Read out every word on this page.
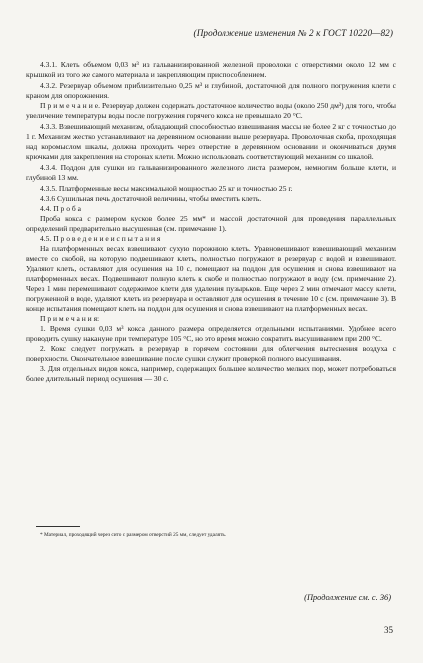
(Продолжение изменения № 2 к ГОСТ 10220—82)

4.3.1. Клеть объемом 0,03 м³ из гальванизированной железной проволоки с отверстиями около 12 мм с крышкой из того же самого материала и закрепляющим приспособлением.

4.3.2. Резервуар объемом приблизительно 0,25 м³ и глубиной, достаточной для полного погружения клети с краном для опорожнения.

П р и м е ч а н и е. Резервуар должен содержать достаточное количество воды (около 250 дм³) для того, чтобы увеличение температуры воды после погружения горячего кокса не превышало 20 °С.

4.3.3. Взвешивающий механизм, обладающий способностью взвешивания массы не более 2 кг с точностью до 1 г. Механизм жестко устанавливают на деревянном основании выше резервуара. Проволочная скоба, проходящая над коромыслом шкалы, должна проходить через отверстие в деревянном основании и окончиваться двумя крючками для закрепления на сторонах клети. Можно использовать соответствующий механизм со шкалой.

4.3.4. Поддон для сушки из гальванизированного железного листа размером, немногим больше клети, и глубиной 13 мм.

4.3.5. Платформенные весы максимальной мощностью 25 кг и точностью 25 г.

4.3.6 Сушильная печь достаточной величины, чтобы вместить клеть.

4.4. П р о б а

Проба кокса с размером кусков более 25 мм* и массой достаточной для проведения параллельных определений предварительно высушенная (см. примечание 1).

4.5. П р о в е д е н и е и с п ы т а н и я

На платформенных весах взвешивают сухую порожнюю клеть. Уравновешивают взвешивающий механизм вместе со скобой, на которую подвешивают клеть, полностью погружают в резервуар с водой и взвешивают. Удаляют клеть, оставляют для осушения на 10 с, помещают на поддон для осушения и снова взвешивают на платформенных весах. Подвешивают полную клеть к скобе и полностью погружают в воду (см. примечание 2). Через 1 мин перемешивают содержимое клети для удаления пузырьков. Еще через 2 мин отмечают массу клети, погруженной в воде, удаляют клеть из резервуара и оставляют для осушения в течение 10 с (см. примечание 3). В конце испытания помещают клеть на поддон для осушения и снова взвешивают на платформенных весах.

П р и м е ч а н и я:

1. Время сушки 0,03 м³ кокса данного размера определяется отдельными испытаниями. Удобнее всего проводить сушку накануне при температуре 105 °С, но это время можно сократить высушиванием при 200 °С.

2. Кокс следует погружать в резервуар в горячем состоянии для облегчения вытеснения воздуха с поверхности. Окончательное взвешивание после сушки служит проверкой полного высушивания.

3. Для отдельных видов кокса, например, содержащих большее количество мелких пор, может потребоваться более длительный период осушения — 30 с.

* Материал, проходящий через сито с размером отверстий 25 мм, следует удалять.
(Продолжение см. с. 36)
35
